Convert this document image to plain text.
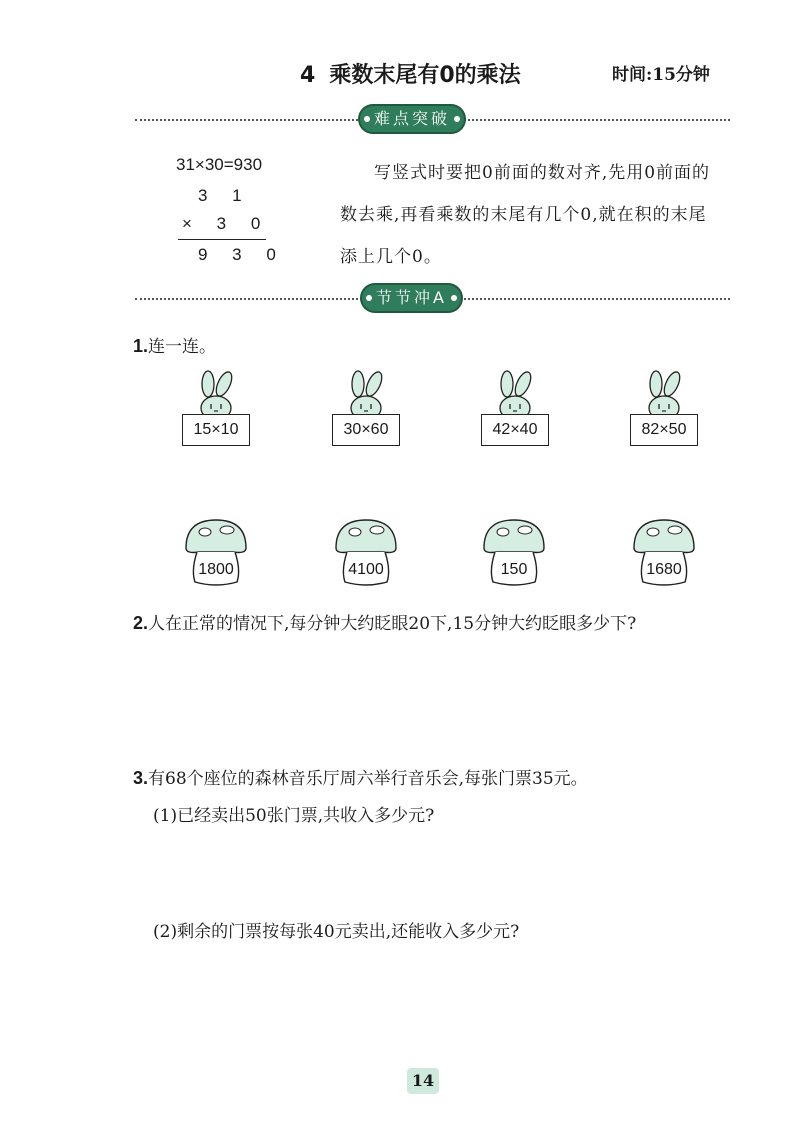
4 乘数末尾有0的乘法	时间:15分钟
难点突破
31×30=930
3 1
× 3 0
9 3 0
写竖式时要把0前面的数对齐,先用0前面的数去乘,再看乘数的末尾有几个0,就在积的末尾添上几个0。
节节冲A
1.连一连。
15×10	30×60	42×40	82×50
1800	4100	150	1680
2.人在正常的情况下,每分钟大约眨眼20下,15分钟大约眨眼多少下?
3.有68个座位的森林音乐厅周六举行音乐会,每张门票35元。
(1)已经卖出50张门票,共收入多少元?
(2)剩余的门票按每张40元卖出,还能收入多少元?
14
